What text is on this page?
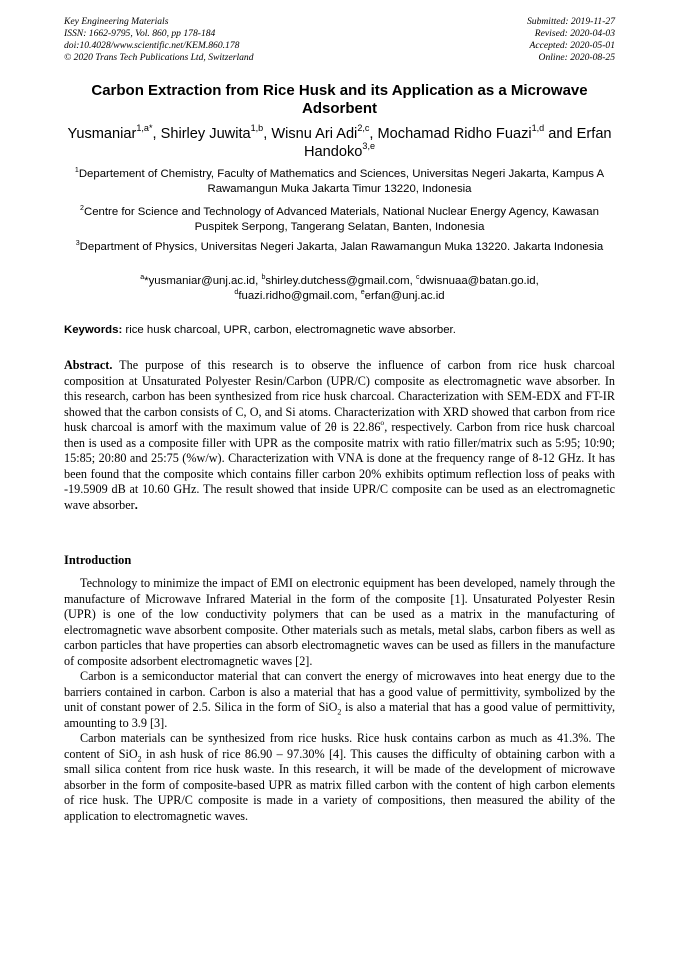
Key Engineering Materials
ISSN: 1662-9795, Vol. 860, pp 178-184
doi:10.4028/www.scientific.net/KEM.860.178
© 2020 Trans Tech Publications Ltd, Switzerland
Submitted: 2019-11-27
Revised: 2020-04-03
Accepted: 2020-05-01
Online: 2020-08-25
Carbon Extraction from Rice Husk and its Application as a Microwave Adsorbent
Yusmaniar$^{1,a*}$, Shirley Juwita$^{1,b}$, Wisnu Ari Adi$^{2,c}$, Mochamad Ridho Fuazi$^{1,d}$ and Erfan Handoko$^{3,e}$
$^1$Departement of Chemistry, Faculty of Mathematics and Sciences, Universitas Negeri Jakarta, Kampus A Rawamangun Muka Jakarta Timur 13220, Indonesia
$^2$Centre for Science and Technology of Advanced Materials, National Nuclear Energy Agency, Kawasan Puspitek Serpong, Tangerang Selatan, Banten, Indonesia
$^3$Department of Physics, Universitas Negeri Jakarta, Jalan Rawamangun Muka 13220. Jakarta Indonesia
$^a$*yusmaniar@unj.ac.id, $^b$shirley.dutchess@gmail.com, $^c$dwisnuaa@batan.go.id,
$^d$fuazi.ridho@gmail.com, $^e$erfan@unj.ac.id
Keywords: rice husk charcoal, UPR, carbon, electromagnetic wave absorber.
Abstract. The purpose of this research is to observe the influence of carbon from rice husk charcoal composition at Unsaturated Polyester Resin/Carbon (UPR/C) composite as electromagnetic wave absorber. In this research, carbon has been synthesized from rice husk charcoal. Characterization with SEM-EDX and FT-IR showed that the carbon consists of C, O, and Si atoms. Characterization with XRD showed that carbon from rice husk charcoal is amorf with the maximum value of 2θ is 22.86$^o$, respectively. Carbon from rice husk charcoal then is used as a composite filler with UPR as the composite matrix with ratio filler/matrix such as 5:95; 10:90; 15:85; 20:80 and 25:75 (%w/w). Characterization with VNA is done at the frequency range of 8-12 GHz. It has been found that the composite which contains filler carbon 20% exhibits optimum reflection loss of peaks with -19.5909 dB at 10.60 GHz. The result showed that inside UPR/C composite can be used as an electromagnetic wave absorber.
Introduction

Technology to minimize the impact of EMI on electronic equipment has been developed, namely through the manufacture of Microwave Infrared Material in the form of the composite [1]. Unsaturated Polyester Resin (UPR) is one of the low conductivity polymers that can be used as a matrix in the manufacturing of electromagnetic wave absorbent composite. Other materials such as metals, metal slabs, carbon fibers as well as carbon particles that have properties can absorb electromagnetic waves can be used as fillers in the manufacture of composite adsorbent electromagnetic waves [2].

Carbon is a semiconductor material that can convert the energy of microwaves into heat energy due to the barriers contained in carbon. Carbon is also a material that has a good value of permittivity, symbolized by the unit of constant power of 2.5. Silica in the form of SiO$_2$ is also a material that has a good value of permittivity, amounting to 3.9 [3].

Carbon materials can be synthesized from rice husks. Rice husk contains carbon as much as 41.3%. The content of SiO$_2$ in ash husk of rice 86.90 – 97.30% [4]. This causes the difficulty of obtaining carbon with a small silica content from rice husk waste. In this research, it will be made of the development of microwave absorber in the form of composite-based UPR as matrix filled carbon with the content of high carbon elements of rice husk. The UPR/C composite is made in a variety of compositions, then measured the ability of the application to electromagnetic waves.
